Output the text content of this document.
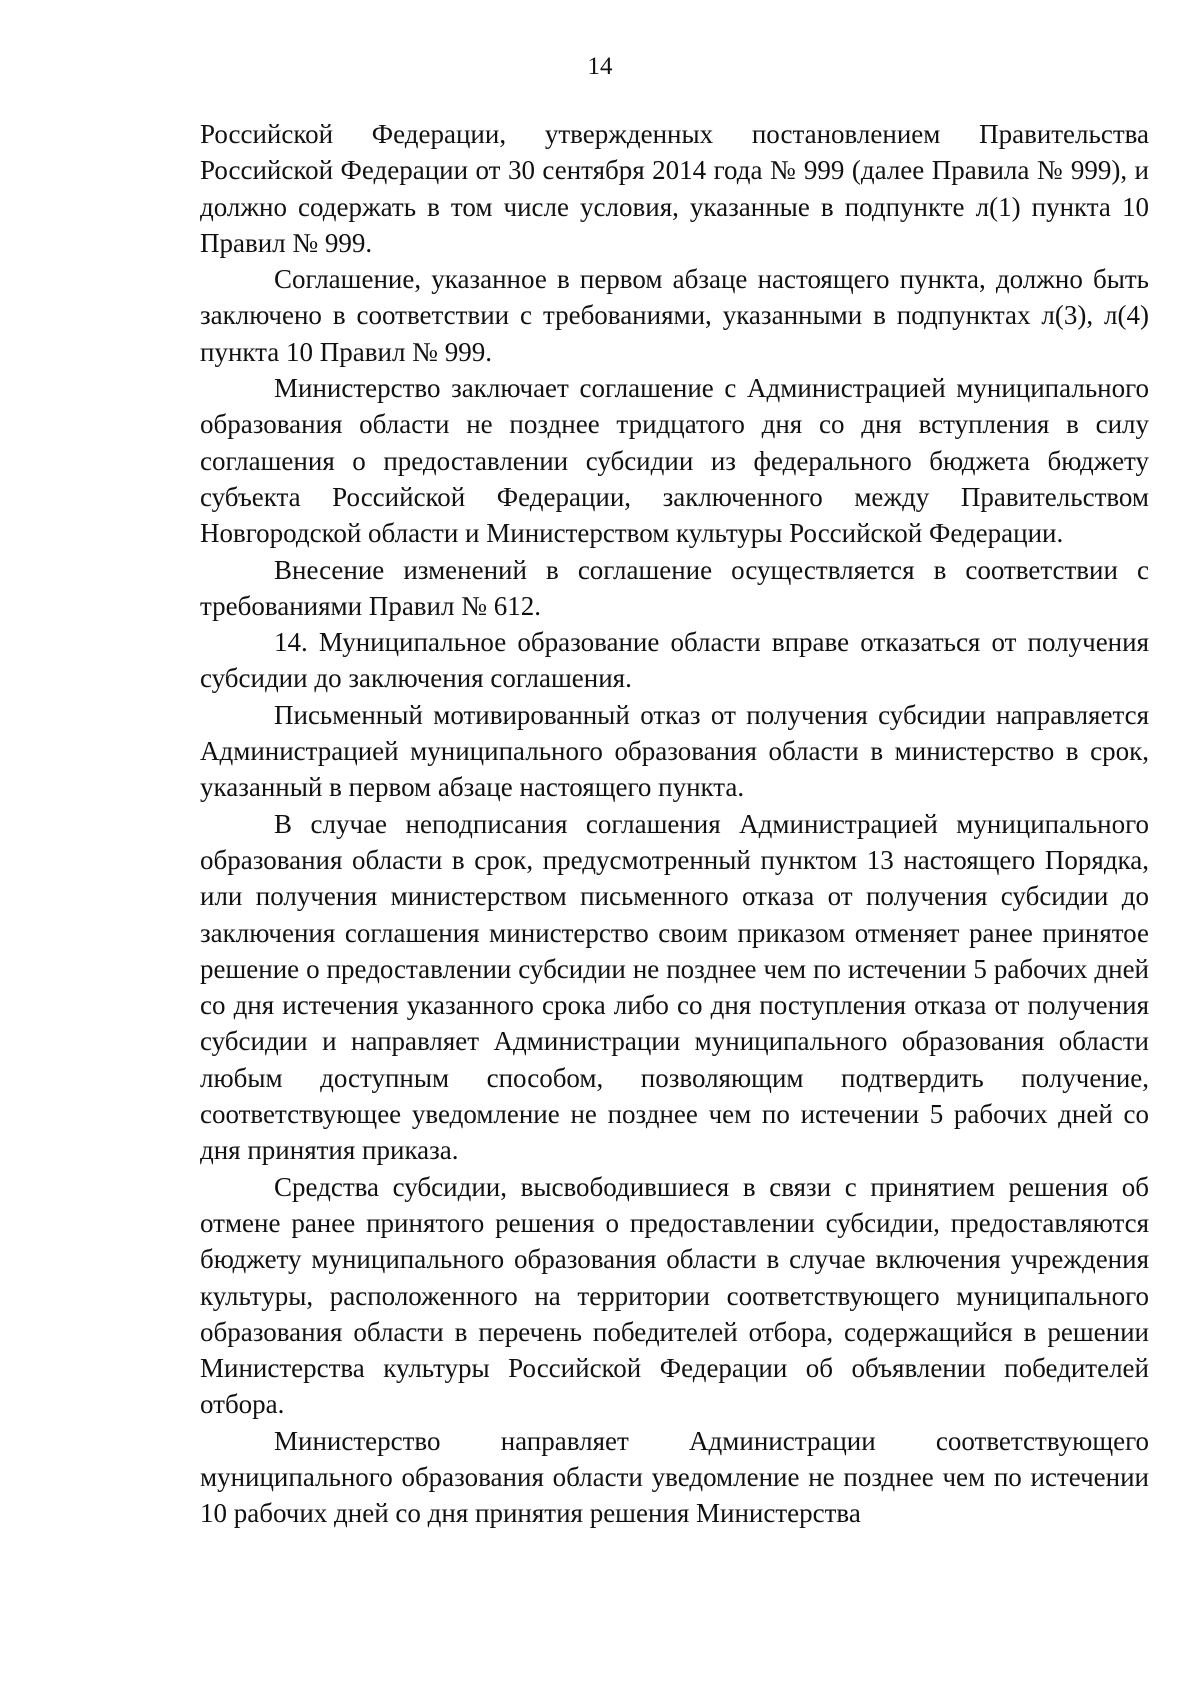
14

Российской Федерации, утвержденных постановлением Правительства Российской Федерации от 30 сентября 2014 года № 999 (далее Правила № 999), и должно содержать в том числе условия, указанные в подпункте л(1) пункта 10 Правил № 999.

Соглашение, указанное в первом абзаце настоящего пункта, должно быть заключено в соответствии с требованиями, указанными в подпунктах л(3), л(4) пункта 10 Правил № 999.

Министерство заключает соглашение с Администрацией муниципального образования области не позднее тридцатого дня со дня вступления в силу соглашения о предоставлении субсидии из федерального бюджета бюджету субъекта Российской Федерации, заключенного между Правительством Новгородской области и Министерством культуры Российской Федерации.

Внесение изменений в соглашение осуществляется в соответствии с требованиями Правил № 612.

14. Муниципальное образование области вправе отказаться от получения субсидии до заключения соглашения.

Письменный мотивированный отказ от получения субсидии направляется Администрацией муниципального образования области в министерство в срок, указанный в первом абзаце настоящего пункта.

В случае неподписания соглашения Администрацией муниципального образования области в срок, предусмотренный пунктом 13 настоящего Порядка, или получения министерством письменного отказа от получения субсидии до заключения соглашения министерство своим приказом отменяет ранее принятое решение о предоставлении субсидии не позднее чем по истечении 5 рабочих дней со дня истечения указанного срока либо со дня поступления отказа от получения субсидии и направляет Администрации муниципального образования области любым доступным способом, позволяющим подтвердить получение, соответствующее уведомление не позднее чем по истечении 5 рабочих дней со дня принятия приказа.

Средства субсидии, высвободившиеся в связи с принятием решения об отмене ранее принятого решения о предоставлении субсидии, предоставляются бюджету муниципального образования области в случае включения учреждения культуры, расположенного на территории соответствующего муниципального образования области в перечень победителей отбора, содержащийся в решении Министерства культуры Российской Федерации об объявлении победителей отбора.

Министерство направляет Администрации соответствующего муниципального образования области уведомление не позднее чем по истечении 10 рабочих дней со дня принятия решения Министерства
